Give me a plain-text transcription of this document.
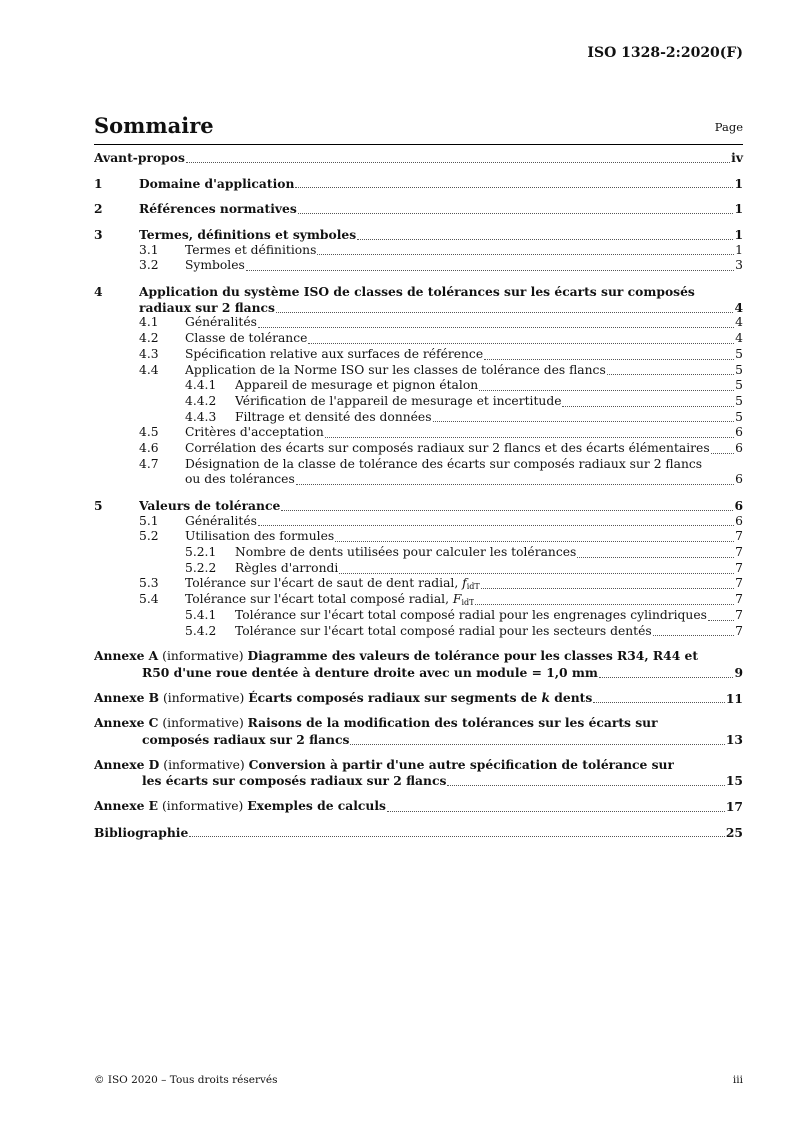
ISO 1328-2:2020(F)
Sommaire	Page
Avant-propos	iv
1	Domaine d'application	1
2	Références normatives	1
3	Termes, définitions et symboles	1
3.1	Termes et définitions	1
3.2	Symboles	3
4	Application du système ISO de classes de tolérances sur les écarts sur composés
radiaux sur 2 flancs	4
4.1	Généralités	4
4.2	Classe de tolérance	4
4.3	Spécification relative aux surfaces de référence	5
4.4	Application de la Norme ISO sur les classes de tolérance des flancs	5
4.4.1	Appareil de mesurage et pignon étalon	5
4.4.2	Vérification de l'appareil de mesurage et incertitude	5
4.4.3	Filtrage et densité des données	5
4.5	Critères d'acceptation	6
4.6	Corrélation des écarts sur composés radiaux sur 2 flancs et des écarts élémentaires 6
4.7	Désignation de la classe de tolérance des écarts sur composés radiaux sur 2 flancs
ou des tolérances	6
5	Valeurs de tolérance	6
5.1	Généralités	6
5.2	Utilisation des formules	7
5.2.1	Nombre de dents utilisées pour calculer les tolérances	7
5.2.2	Règles d'arrondi	7
5.3	Tolérance sur l'écart de saut de dent radial, $f_{idT}$	7
5.4	Tolérance sur l'écart total composé radial, $F_{idT}$	7
5.4.1	Tolérance sur l'écart total composé radial pour les engrenages cylindriques 7
5.4.2	Tolérance sur l'écart total composé radial pour les secteurs dentés	7
Annexe A (informative) Diagramme des valeurs de tolérance pour les classes R34, R44 et
R50 d'une roue dentée à denture droite avec un module = 1,0 mm	9
Annexe B (informative) Écarts composés radiaux sur segments de k dents	11
Annexe C (informative) Raisons de la modification des tolérances sur les écarts sur
composés radiaux sur 2 flancs	13
Annexe D (informative) Conversion à partir d'une autre spécification de tolérance sur
les écarts sur composés radiaux sur 2 flancs	15
Annexe E (informative) Exemples de calculs	17
Bibliographie	25
© ISO 2020 – Tous droits réservés	iii
